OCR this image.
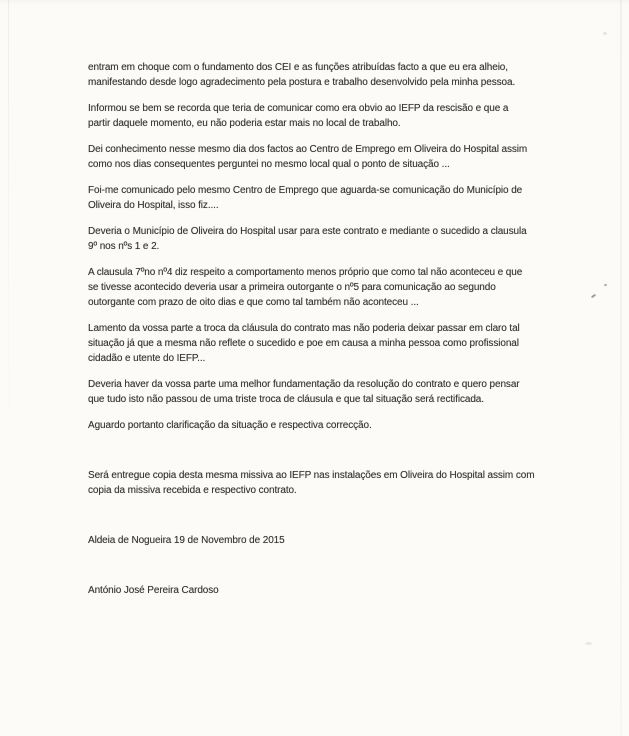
entram em choque com o fundamento dos CEI e as funções atribuídas facto a que eu era alheio,
manifestando desde logo agradecimento pela postura e trabalho desenvolvido pela minha pessoa.
Informou se bem se recorda que teria de comunicar como era obvio ao IEFP da rescisão e que a
partir daquele momento, eu não poderia estar mais no local de trabalho.
Dei conhecimento nesse mesmo dia dos factos ao Centro de Emprego em Oliveira do Hospital assim
como nos dias consequentes perguntei no mesmo local qual o ponto de situação ...
Foi-me comunicado pelo mesmo Centro de Emprego que aguarda-se comunicação do Município de
Oliveira do Hospital, isso fiz....
Deveria o Município de Oliveira do Hospital usar para este contrato e mediante o sucedido a clausula
9º nos nºs 1 e 2.
A clausula 7ºno nº4 diz respeito a comportamento menos próprio que como tal não aconteceu e que
se tivesse acontecido deveria usar a primeira outorgante o nº5 para comunicação ao segundo
outorgante com prazo de oito dias e que como tal também não aconteceu ...
Lamento da vossa parte a troca da cláusula do contrato mas não poderia deixar passar em claro tal
situação já que a mesma não reflete o sucedido e poe em causa a minha pessoa como profissional
cidadão e utente do IEFP...
Deveria haver da vossa parte uma melhor fundamentação da resolução do contrato e quero pensar
que tudo isto não passou de uma triste troca de cláusula e que tal situação será rectificada.
Aguardo portanto clarificação da situação e respectiva correcção.
Será entregue copia desta mesma missiva ao IEFP nas instalações em Oliveira do Hospital assim com
copia da missiva recebida e respectivo contrato.
Aldeia de Nogueira 19 de Novembro de 2015
António José Pereira Cardoso
